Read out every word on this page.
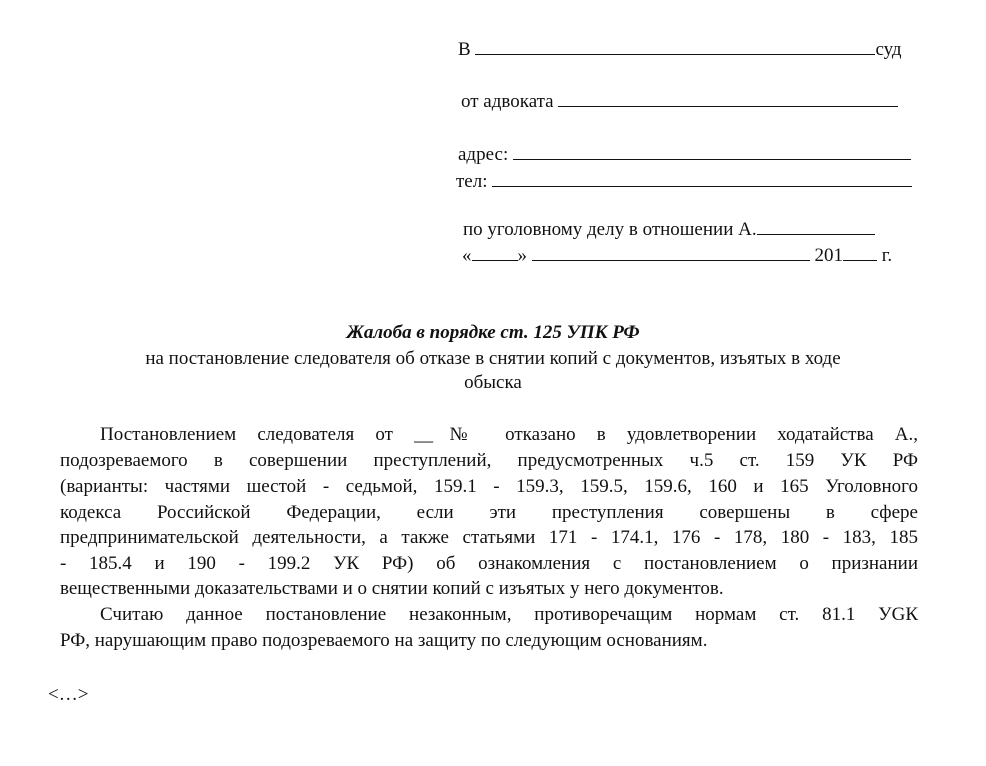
В	суд
от адвоката
адрес:
тел:
по уголовному делу в отношении А.
« »	201 г.
Жалоба в порядке ст. 125 УПК РФ
на постановление следователя об отказе в снятии копий с документов, изъятых в ходе
обыска
Постановлением следователя от __№ отказано в удовлетворении ходатайства А.,
подозреваемого в совершении преступлений, предусмотренных ч.5 ст. 159 УК РФ
(варианты: частями шестой - седьмой, 159.1 - 159.3, 159.5, 159.6, 160 и 165 Уголовного
кодекса Российской Федерации, если эти преступления совершены в сфере
предпринимательской деятельности, а также статьями 171 - 174.1, 176 - 178, 180 - 183, 185
- 185.4 и 190 - 199.2 УК РФ) об ознакомления с постановлением о признании
вещественными доказательствами и о снятии копий с изъятых у него документов.
Считаю данное постановление незаконным, противоречащим нормам ст. 81.1 УGК
РФ, нарушающим право подозреваемого на защиту по следующим основаниям.
<…>
